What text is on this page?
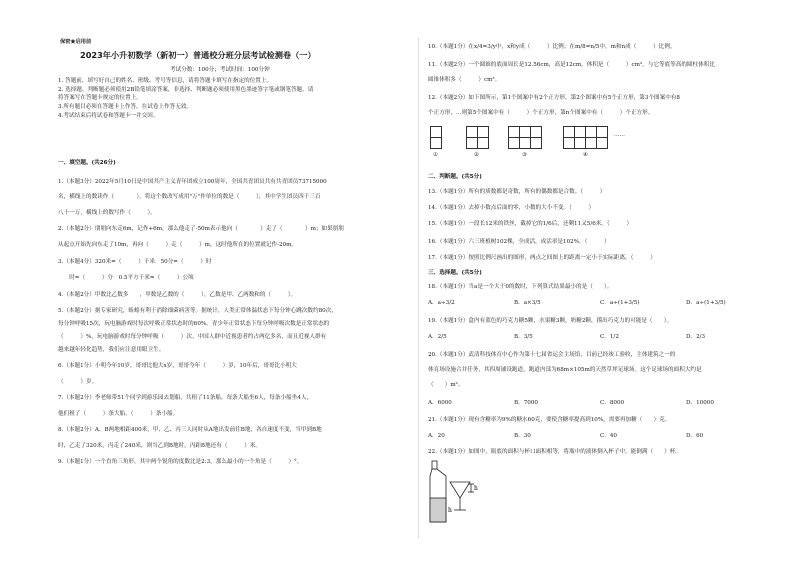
保密★启用前
2023年小升初数学（新初一）普通校分班分层考试检测卷（一）
考试分数：100分；考试时间：100分钟
1. 答题前，填写好自己的姓名、班级、考号等信息，请将答题卡填写在指定的位置上。
2. 选择题、判断题必须使用2B铅笔填涂答案，非选择、判断题必须使用黑色墨迹签字笔或钢笔答题，请
将答案写在答题卡规定的位置上。
3.所有题目必须在答题卡上作答，在试卷上作答无效。
4.考试结束后将试卷和答题卡一并交回。
一、填空题。(共26分)
1.（本题3分）2022年5月10日是中国共产主义青年团成立100周年，全国共青团员共有共青团员73715000
名，横线上的数读作（　　　　），将这个数改写成用"万"作单位的数是（　　　），其中学生团员四千三百
八十一万，横线上的数写作（　　　）。
2.（本题2分）朋朋向东走6m，记作+6m，那么他走了-50m表示他向（　　　　）走了（　　　　）m；如果朋朋
从起点开始先向东走了10m，再向（　　　）走（　　　）m，这时他所在的位置就记作-20m。
3.（本题4分）320米=（　　　）千米　50分=（　　　）时
　　时=（　　　）分　0.5平方千米=（　　　）公顷
4.（本题2分）甲数比乙数多　　，甲数是乙数的（　　　），乙数是甲、乙两数和的（　　　）。
5.（本题2分）据专家研究，蚯蚓有利于消除细菌病害等。据统计，人类正常体温状态下每分钟心跳次数约80次，
每分钟呼吸15次，玩电脑游戏时每次呼吸正常状态时的60%。青少年正常状态下每分钟呼吸次数是正常状态的
（　　　）%，玩电脑游戏时每分钟呼吸（　　　）次。中国人群中近视患者约占两亿多名，而且近视人群有
越来越年轻化趋势，我们应注意用眼卫生。
6.（本题1分）小明今年10岁，哥哥比他大x岁，哥哥今年（　　　）岁，10年后，哥哥比小明大
（　　　）岁。
7.（本题2分）李老师带51个同学到游乐园去划船，共租了11条船，每条大船坐6人，每条小船坐4人，
他们租了（　　　）条大船，（　　　）条小船。
8.（本题2分）A、B两地相距400米，甲、乙、丙三人同时从A地出发前往B地，各自速度不变，当甲到B地
时，乙走了320米，丙走了240米，则当乙到B地时，丙距B地还有（　　　）米。
9.（本题1分）一个直角三角形，其中两个锐角的度数比是2:3，那么最小的一个角是（　　　）°。
10.（本题1分）在x/4=3/y中，x和y成（　　　）比例；在m/8=n/5中，m和n成（　　　）比例。
11.（本题2分）一个圆锥的底面周长是12.56cm，高是12cm，体积是（　　　）cm³，与它等底等高的圆柱体积比
圆锥体积多（　　　）cm³。
12.（本题2分）如下图所示，第1个图案中有2个正方形，第2个图案中有5个正方形，第3个图案中有8
个正方形，…则第5个图案中有（　　　）个正方形，第n个图案中有（　　　）个正方形。
①	②	③	④
……
二、判断题。(共5分)
13.（本题1分）所有的质数都是奇数，所有的偶数都是合数。（　　　）
14.（本题1分）去掉小数点后面的零，小数的大小不变。（　　　）
15.（本题1分）一段长12米的铁丝，截掉它的1/6后，还剩11又5/6米。（　　　）
16.（本题1分）六三班植树102棵，全成活，成活率是102%。（　　　）
17.（本题1分）按照比例尺画出的图形，两点之间图上的距离一定小于实际距离。（　　　）
三、选择题。(共5分)
18.（本题1分）当a是一个大于0的数时，下列算式结果最小的是（　　）。
A．a÷3/2	B．a×3/5	C．a÷(1+3/5)	D．a÷(1+3/5)
19.（本题1分）盒内有蓝色的巧克力糖5颗，水果糖3颗，奶糖2颗，摸出巧克力的可能是（　　）。
A．2/5	B．3/5	C．1/2	D．2/3
20.（本题1分）武清科技体育中心作为第十七届省运会主场馆，目前已经竣工验收，主体建筑之一的
体育场设施合并任务，其四周铺设跑道，跑道内部为68m×105m的天然草坪足球场。这个足球场的面积大约是
（　　）m²。
A．6000	B．7000	C．8000	D．10000
21.（本题1分）现有含糖率为9%的糖水60克，要使含糖率提高到10%，需要再加糖（　　）克。
A．20	B．30	C．40	D．60
22.（本题1分）如图中，瓶底的面积与杯口面积相等，将瓶中的液体倒入杯子中，能倒满（　　）杯。
h
h
